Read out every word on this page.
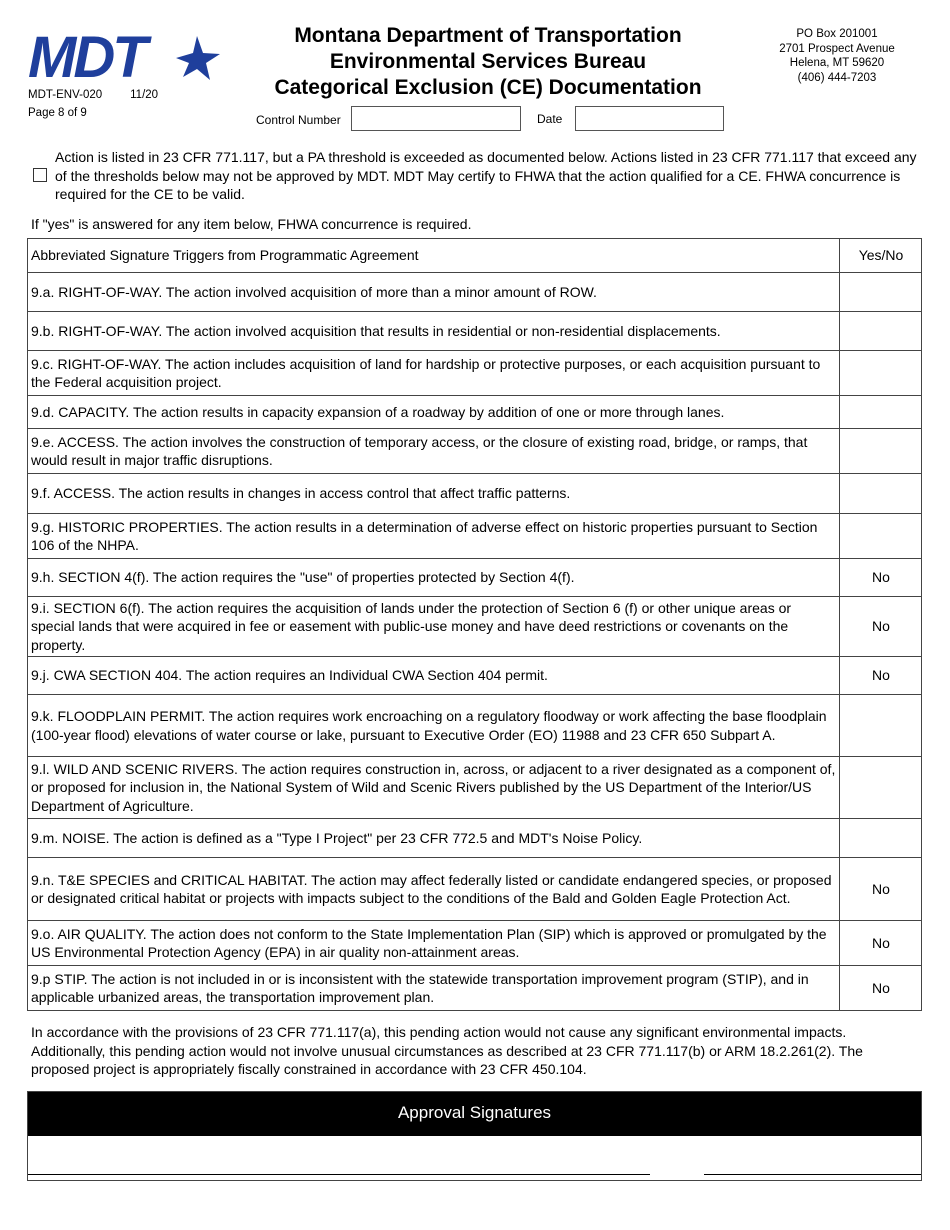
MDT
MDT-ENV-020 11/20
Page 8 of 9
Montana Department of Transportation
Environmental Services Bureau
Categorical Exclusion (CE) Documentation
PO Box 201001
2701 Prospect Avenue
Helena, MT 59620
(406) 444-7203
Control Number	Date
Action is listed in 23 CFR 771.117, but a PA threshold is exceeded as documented below. Actions listed in 23 CFR 771.117 that exceed any of the thresholds below may not be approved by MDT. MDT May certify to FHWA that the action qualified for a CE. FHWA concurrence is required for the CE to be valid.
If "yes" is answered for any item below, FHWA concurrence is required.
Abbreviated Signature Triggers from Programmatic Agreement	Yes/No
9.a. RIGHT-OF-WAY. The action involved acquisition of more than a minor amount of ROW.	
9.b. RIGHT-OF-WAY. The action involved acquisition that results in residential or non-residential displacements.	
9.c. RIGHT-OF-WAY. The action includes acquisition of land for hardship or protective purposes, or each acquisition pursuant to the Federal acquisition project.	
9.d. CAPACITY. The action results in capacity expansion of a roadway by addition of one or more through lanes.	
9.e. ACCESS. The action involves the construction of temporary access, or the closure of existing road, bridge, or ramps, that would result in major traffic disruptions.	
9.f. ACCESS. The action results in changes in access control that affect traffic patterns.	
9.g. HISTORIC PROPERTIES. The action results in a determination of adverse effect on historic properties pursuant to Section 106 of the NHPA.	
9.h. SECTION 4(f). The action requires the "use" of properties protected by Section 4(f).	No
9.i. SECTION 6(f). The action requires the acquisition of lands under the protection of Section 6 (f) or other unique areas or special lands that were acquired in fee or easement with public-use money and have deed restrictions or covenants on the property.	No
9.j. CWA SECTION 404. The action requires an Individual CWA Section 404 permit.	No
9.k. FLOODPLAIN PERMIT. The action requires work encroaching on a regulatory floodway or work affecting the base floodplain (100-year flood) elevations of water course or lake, pursuant to Executive Order (EO) 11988 and 23 CFR 650 Subpart A.	
9.l. WILD AND SCENIC RIVERS. The action requires construction in, across, or adjacent to a river designated as a component of, or proposed for inclusion in, the National System of Wild and Scenic Rivers published by the US Department of the Interior/US Department of Agriculture.	
9.m. NOISE. The action is defined as a "Type I Project" per 23 CFR 772.5 and MDT's Noise Policy.	
9.n. T&E SPECIES and CRITICAL HABITAT. The action may affect federally listed or candidate endangered species, or proposed or designated critical habitat or projects with impacts subject to the conditions of the Bald and Golden Eagle Protection Act.	No
9.o. AIR QUALITY. The action does not conform to the State Implementation Plan (SIP) which is approved or promulgated by the US Environmental Protection Agency (EPA) in air quality non-attainment areas.	No
9.p STIP. The action is not included in or is inconsistent with the statewide transportation improvement program (STIP), and in applicable urbanized areas, the transportation improvement plan.	No
In accordance with the provisions of 23 CFR 771.117(a), this pending action would not cause any significant environmental impacts. Additionally, this pending action would not involve unusual circumstances as described at 23 CFR 771.117(b) or ARM 18.2.261(2). The proposed project is appropriately fiscally constrained in accordance with 23 CFR 450.104.
Approval Signatures
